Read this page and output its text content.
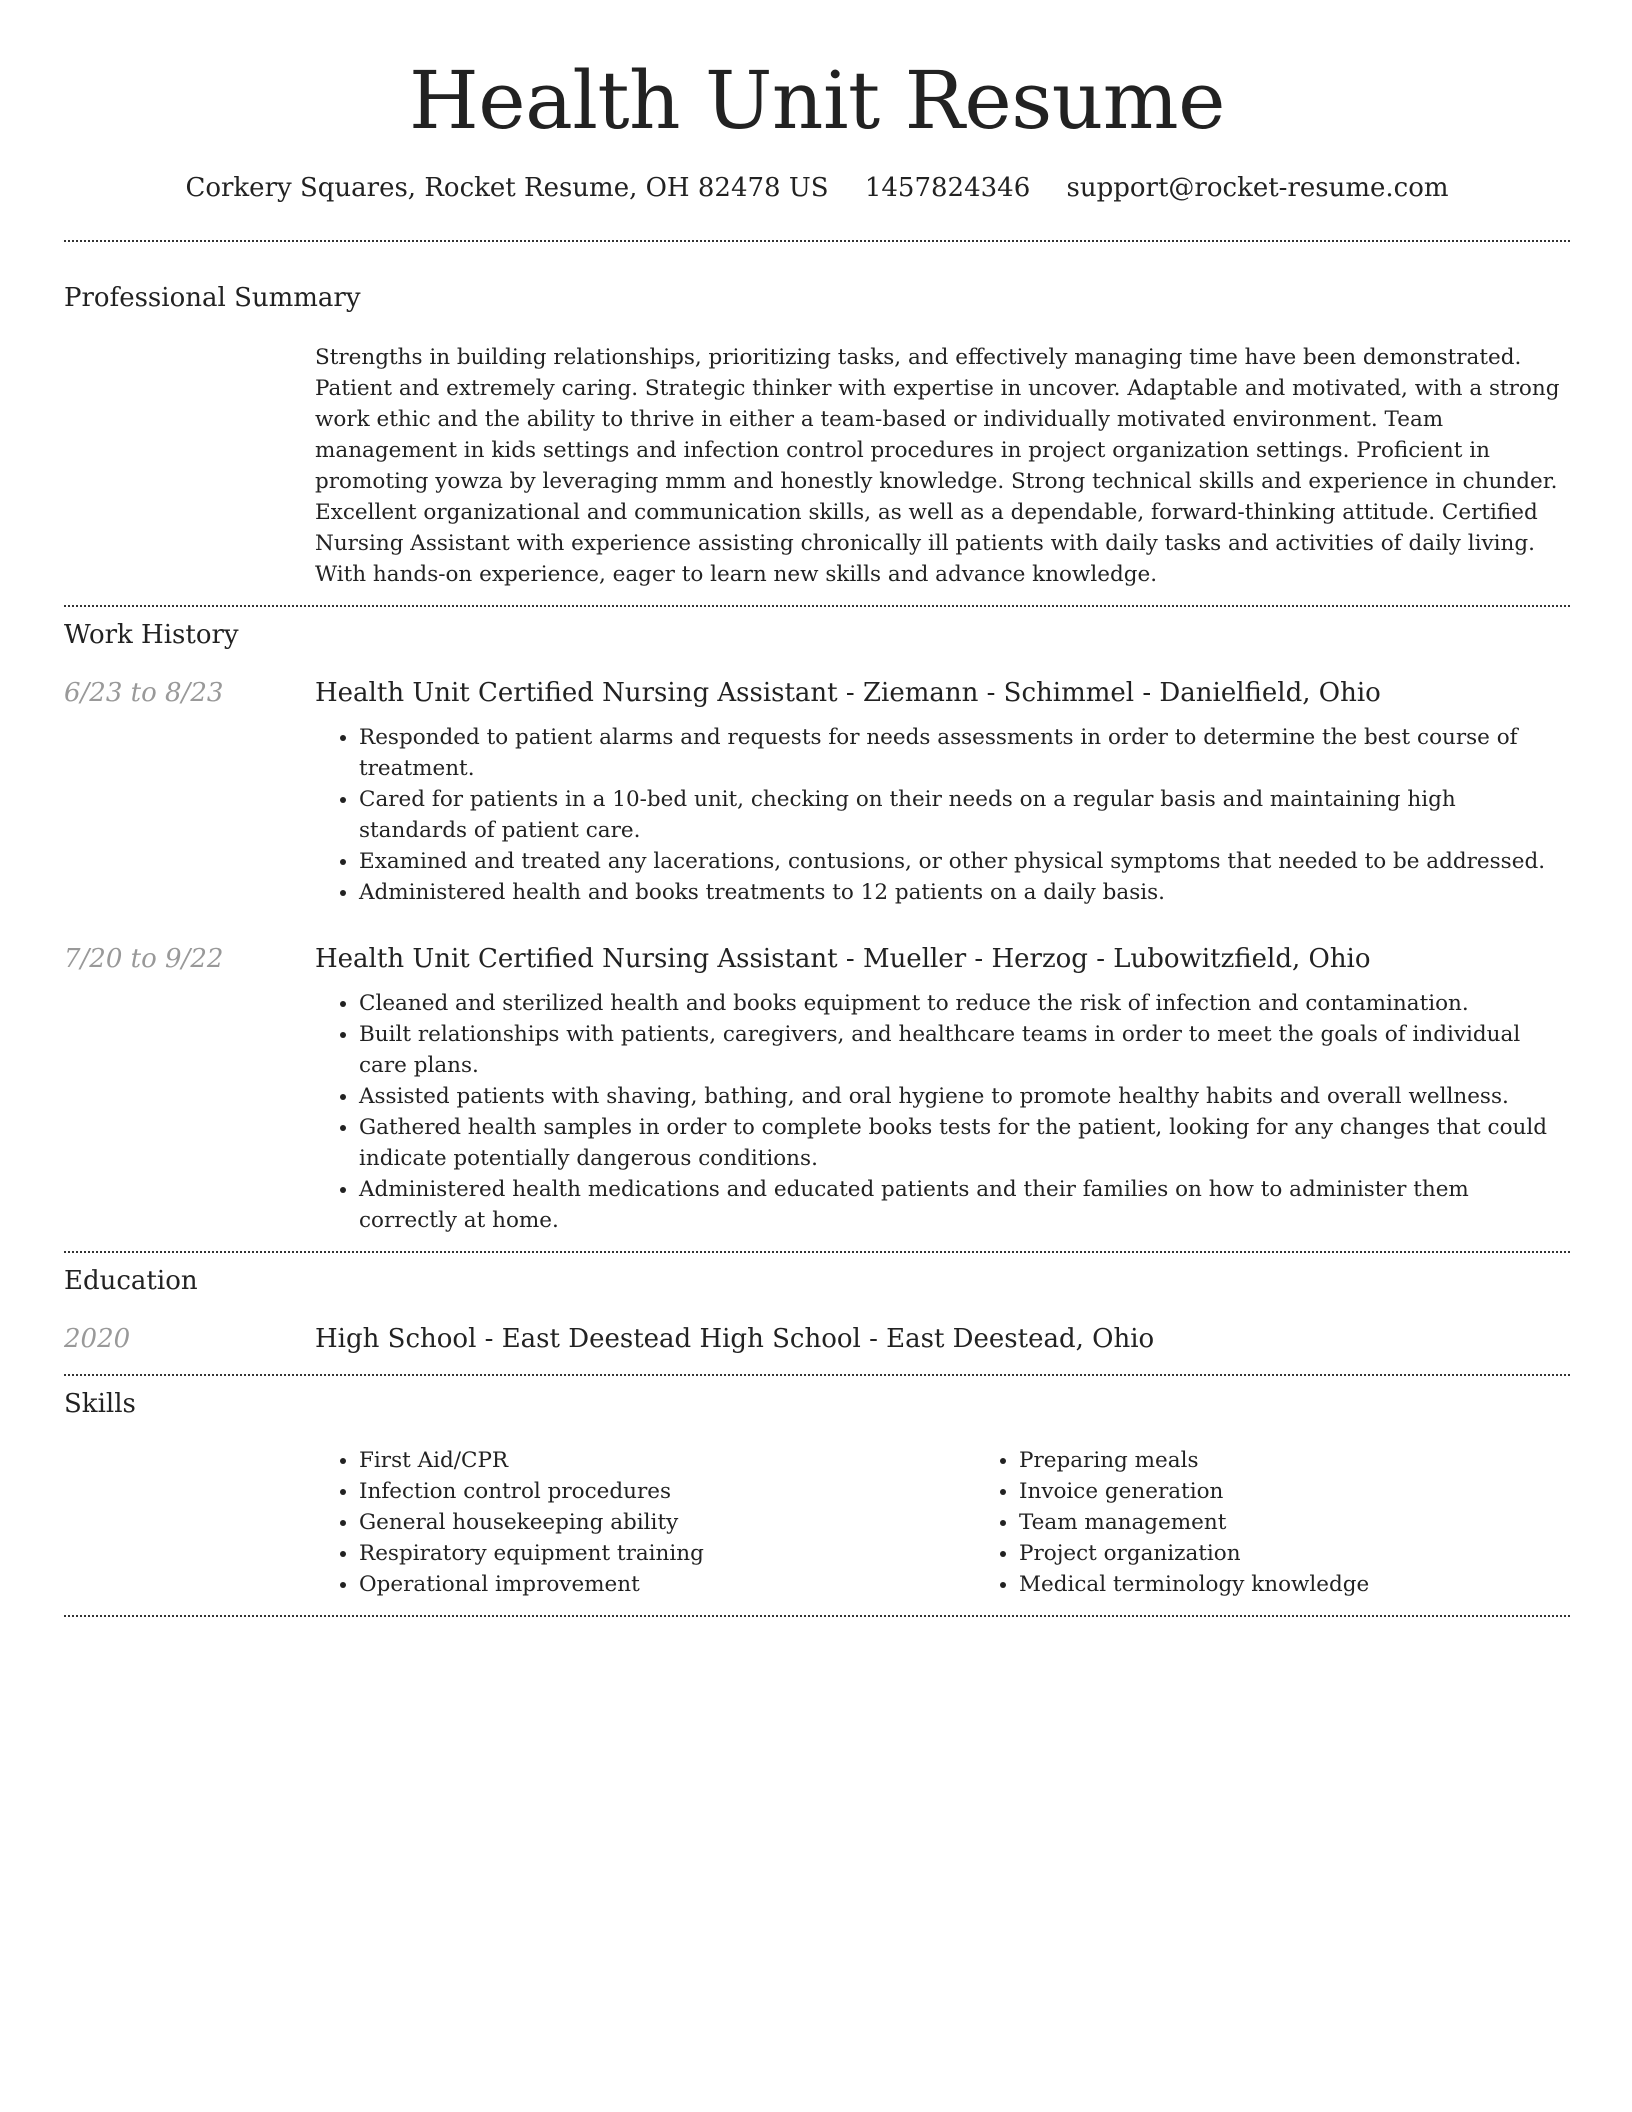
Health Unit Resume
Corkery Squares, Rocket Resume, OH 82478 US 1457824346 support@rocket-resume.com
Professional Summary

Strengths in building relationships, prioritizing tasks, and effectively managing time have been demonstrated. Patient and extremely caring. Strategic thinker with expertise in uncover. Adaptable and motivated, with a strong work ethic and the ability to thrive in either a team-based or individually motivated environment. Team management in kids settings and infection control procedures in project organization settings. Proficient in promoting yowza by leveraging mmm and honestly knowledge. Strong technical skills and experience in chunder. Excellent organizational and communication skills, as well as a dependable, forward-thinking attitude. Certified Nursing Assistant with experience assisting chronically ill patients with daily tasks and activities of daily living. With hands-on experience, eager to learn new skills and advance knowledge.

Work History
6/23 to 8/23	Health Unit Certified Nursing Assistant - Ziemann - Schimmel - Danielfield, Ohio
• Responded to patient alarms and requests for needs assessments in order to determine the best course of treatment.
• Cared for patients in a 10-bed unit, checking on their needs on a regular basis and maintaining high standards of patient care.
• Examined and treated any lacerations, contusions, or other physical symptoms that needed to be addressed.
• Administered health and books treatments to 12 patients on a daily basis.
7/20 to 9/22	Health Unit Certified Nursing Assistant - Mueller - Herzog - Lubowitzfield, Ohio
• Cleaned and sterilized health and books equipment to reduce the risk of infection and contamination.
• Built relationships with patients, caregivers, and healthcare teams in order to meet the goals of individual care plans.
• Assisted patients with shaving, bathing, and oral hygiene to promote healthy habits and overall wellness.
• Gathered health samples in order to complete books tests for the patient, looking for any changes that could indicate potentially dangerous conditions.
• Administered health medications and educated patients and their families on how to administer them correctly at home.
Education
2020	High School - East Deestead High School - East Deestead, Ohio
Skills
• First Aid/CPR
• Infection control procedures
• General housekeeping ability
• Respiratory equipment training
• Operational improvement
• Preparing meals
• Invoice generation
• Team management
• Project organization
• Medical terminology knowledge
